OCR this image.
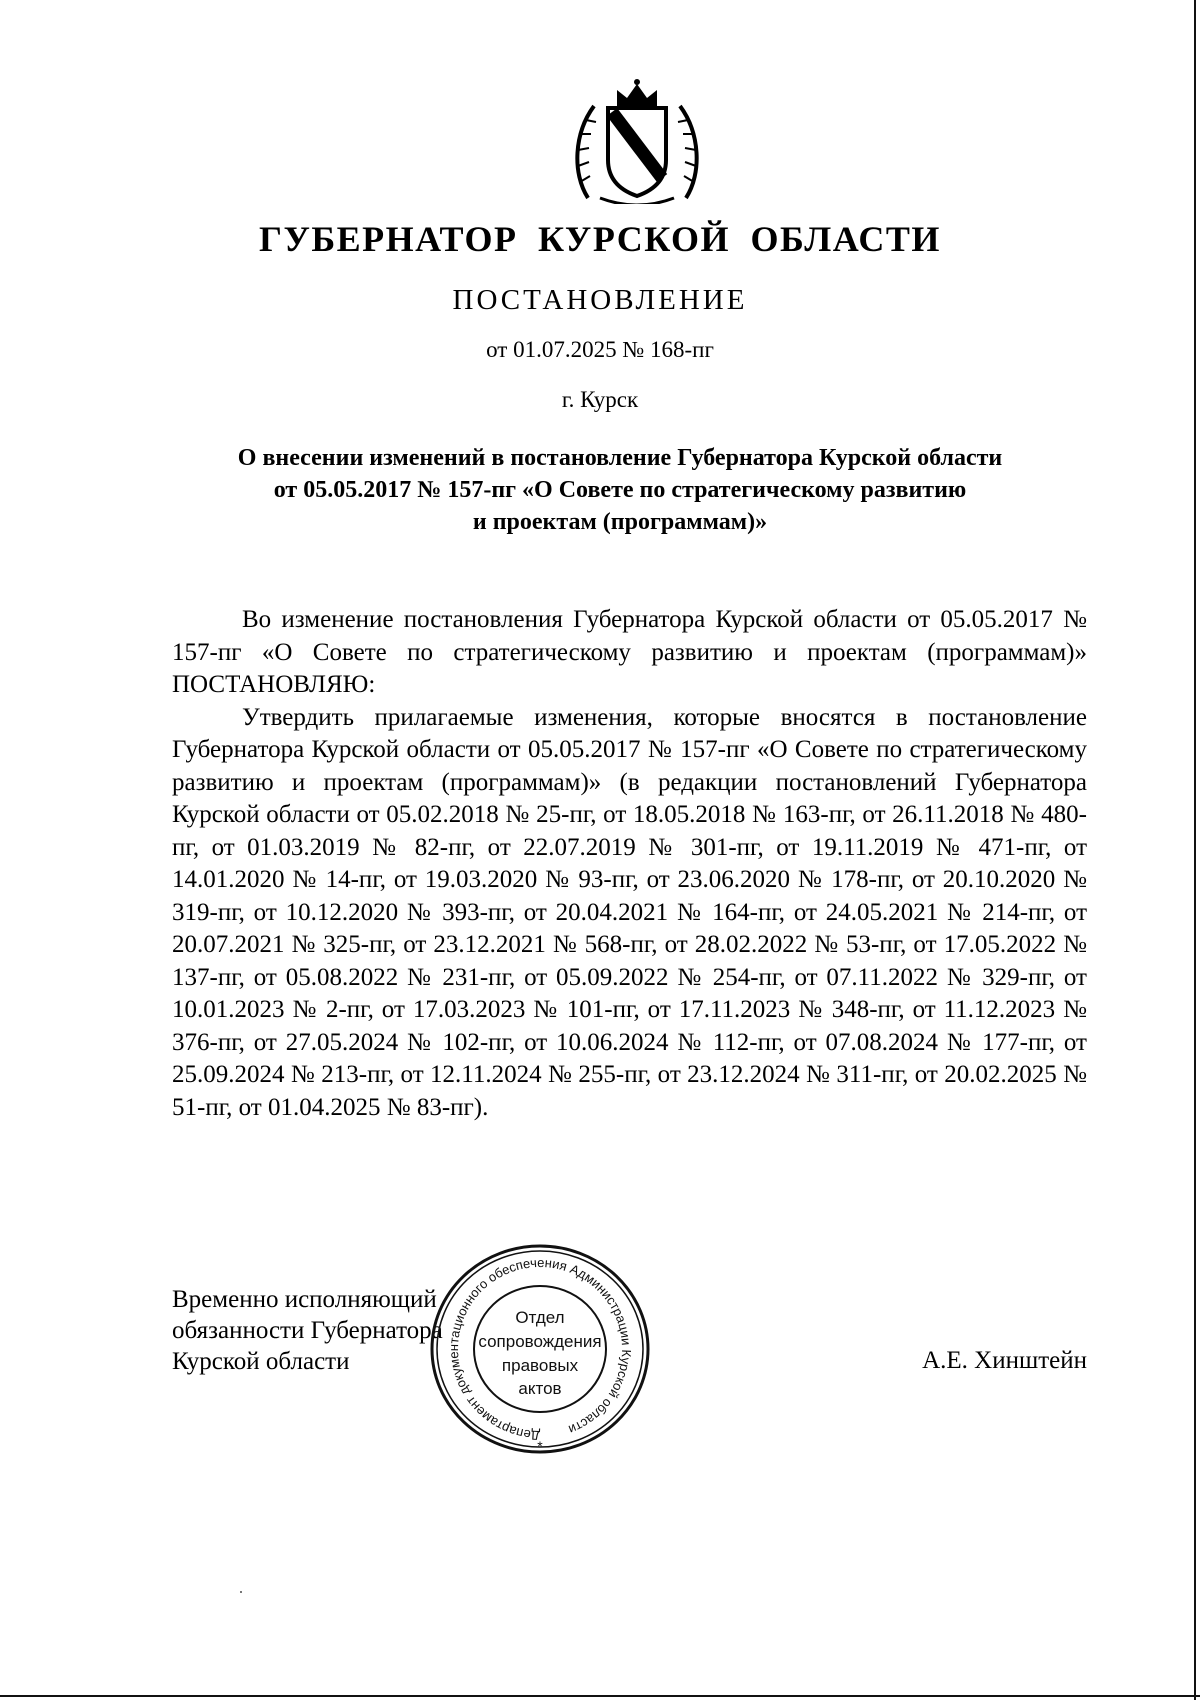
ГУБЕРНАТОР КУРСКОЙ ОБЛАСТИ
ПОСТАНОВЛЕНИЕ
от 01.07.2025 № 168-пг
г. Курск
О внесении изменений в постановление Губернатора Курской области
от 05.05.2017 № 157-пг «О Совете по стратегическому развитию
и проектам (программам)»

Во изменение постановления Губернатора Курской области от 05.05.2017 № 157-пг «О Совете по стратегическому развитию и проектам (программам)» ПОСТАНОВЛЯЮ:

Утвердить прилагаемые изменения, которые вносятся в постановление Губернатора Курской области от 05.05.2017 № 157-пг «О Совете по стратегическому развитию и проектам (программам)» (в редакции постановлений Губернатора Курской области от 05.02.2018 № 25-пг, от 18.05.2018 № 163-пг, от 26.11.2018 № 480-пг, от 01.03.2019 № 82-пг, от 22.07.2019 № 301-пг, от 19.11.2019 № 471-пг, от 14.01.2020 № 14-пг, от 19.03.2020 № 93-пг, от 23.06.2020 № 178-пг, от 20.10.2020 № 319-пг, от 10.12.2020 № 393-пг, от 20.04.2021 № 164-пг, от 24.05.2021 № 214-пг, от 20.07.2021 № 325-пг, от 23.12.2021 № 568-пг, от 28.02.2022 № 53-пг, от 17.05.2022 № 137-пг, от 05.08.2022 № 231-пг, от 05.09.2022 № 254-пг, от 07.11.2022 № 329-пг, от 10.01.2023 № 2-пг, от 17.03.2023 № 101-пг, от 17.11.2023 № 348-пг, от 11.12.2023 № 376-пг, от 27.05.2024 № 102-пг, от 10.06.2024 № 112-пг, от 07.08.2024 № 177-пг, от 25.09.2024 № 213-пг, от 12.11.2024 № 255-пг, от 23.12.2024 № 311-пг, от 20.02.2025 № 51-пг, от 01.04.2025 № 83-пг).

Временно исполняющий
обязанности Губернатора
Курской области	А.Е. Хинштейн
Департамент документационного обеспечения Администрации Курской области
Отдел
сопровождения
правовых
актов
*
